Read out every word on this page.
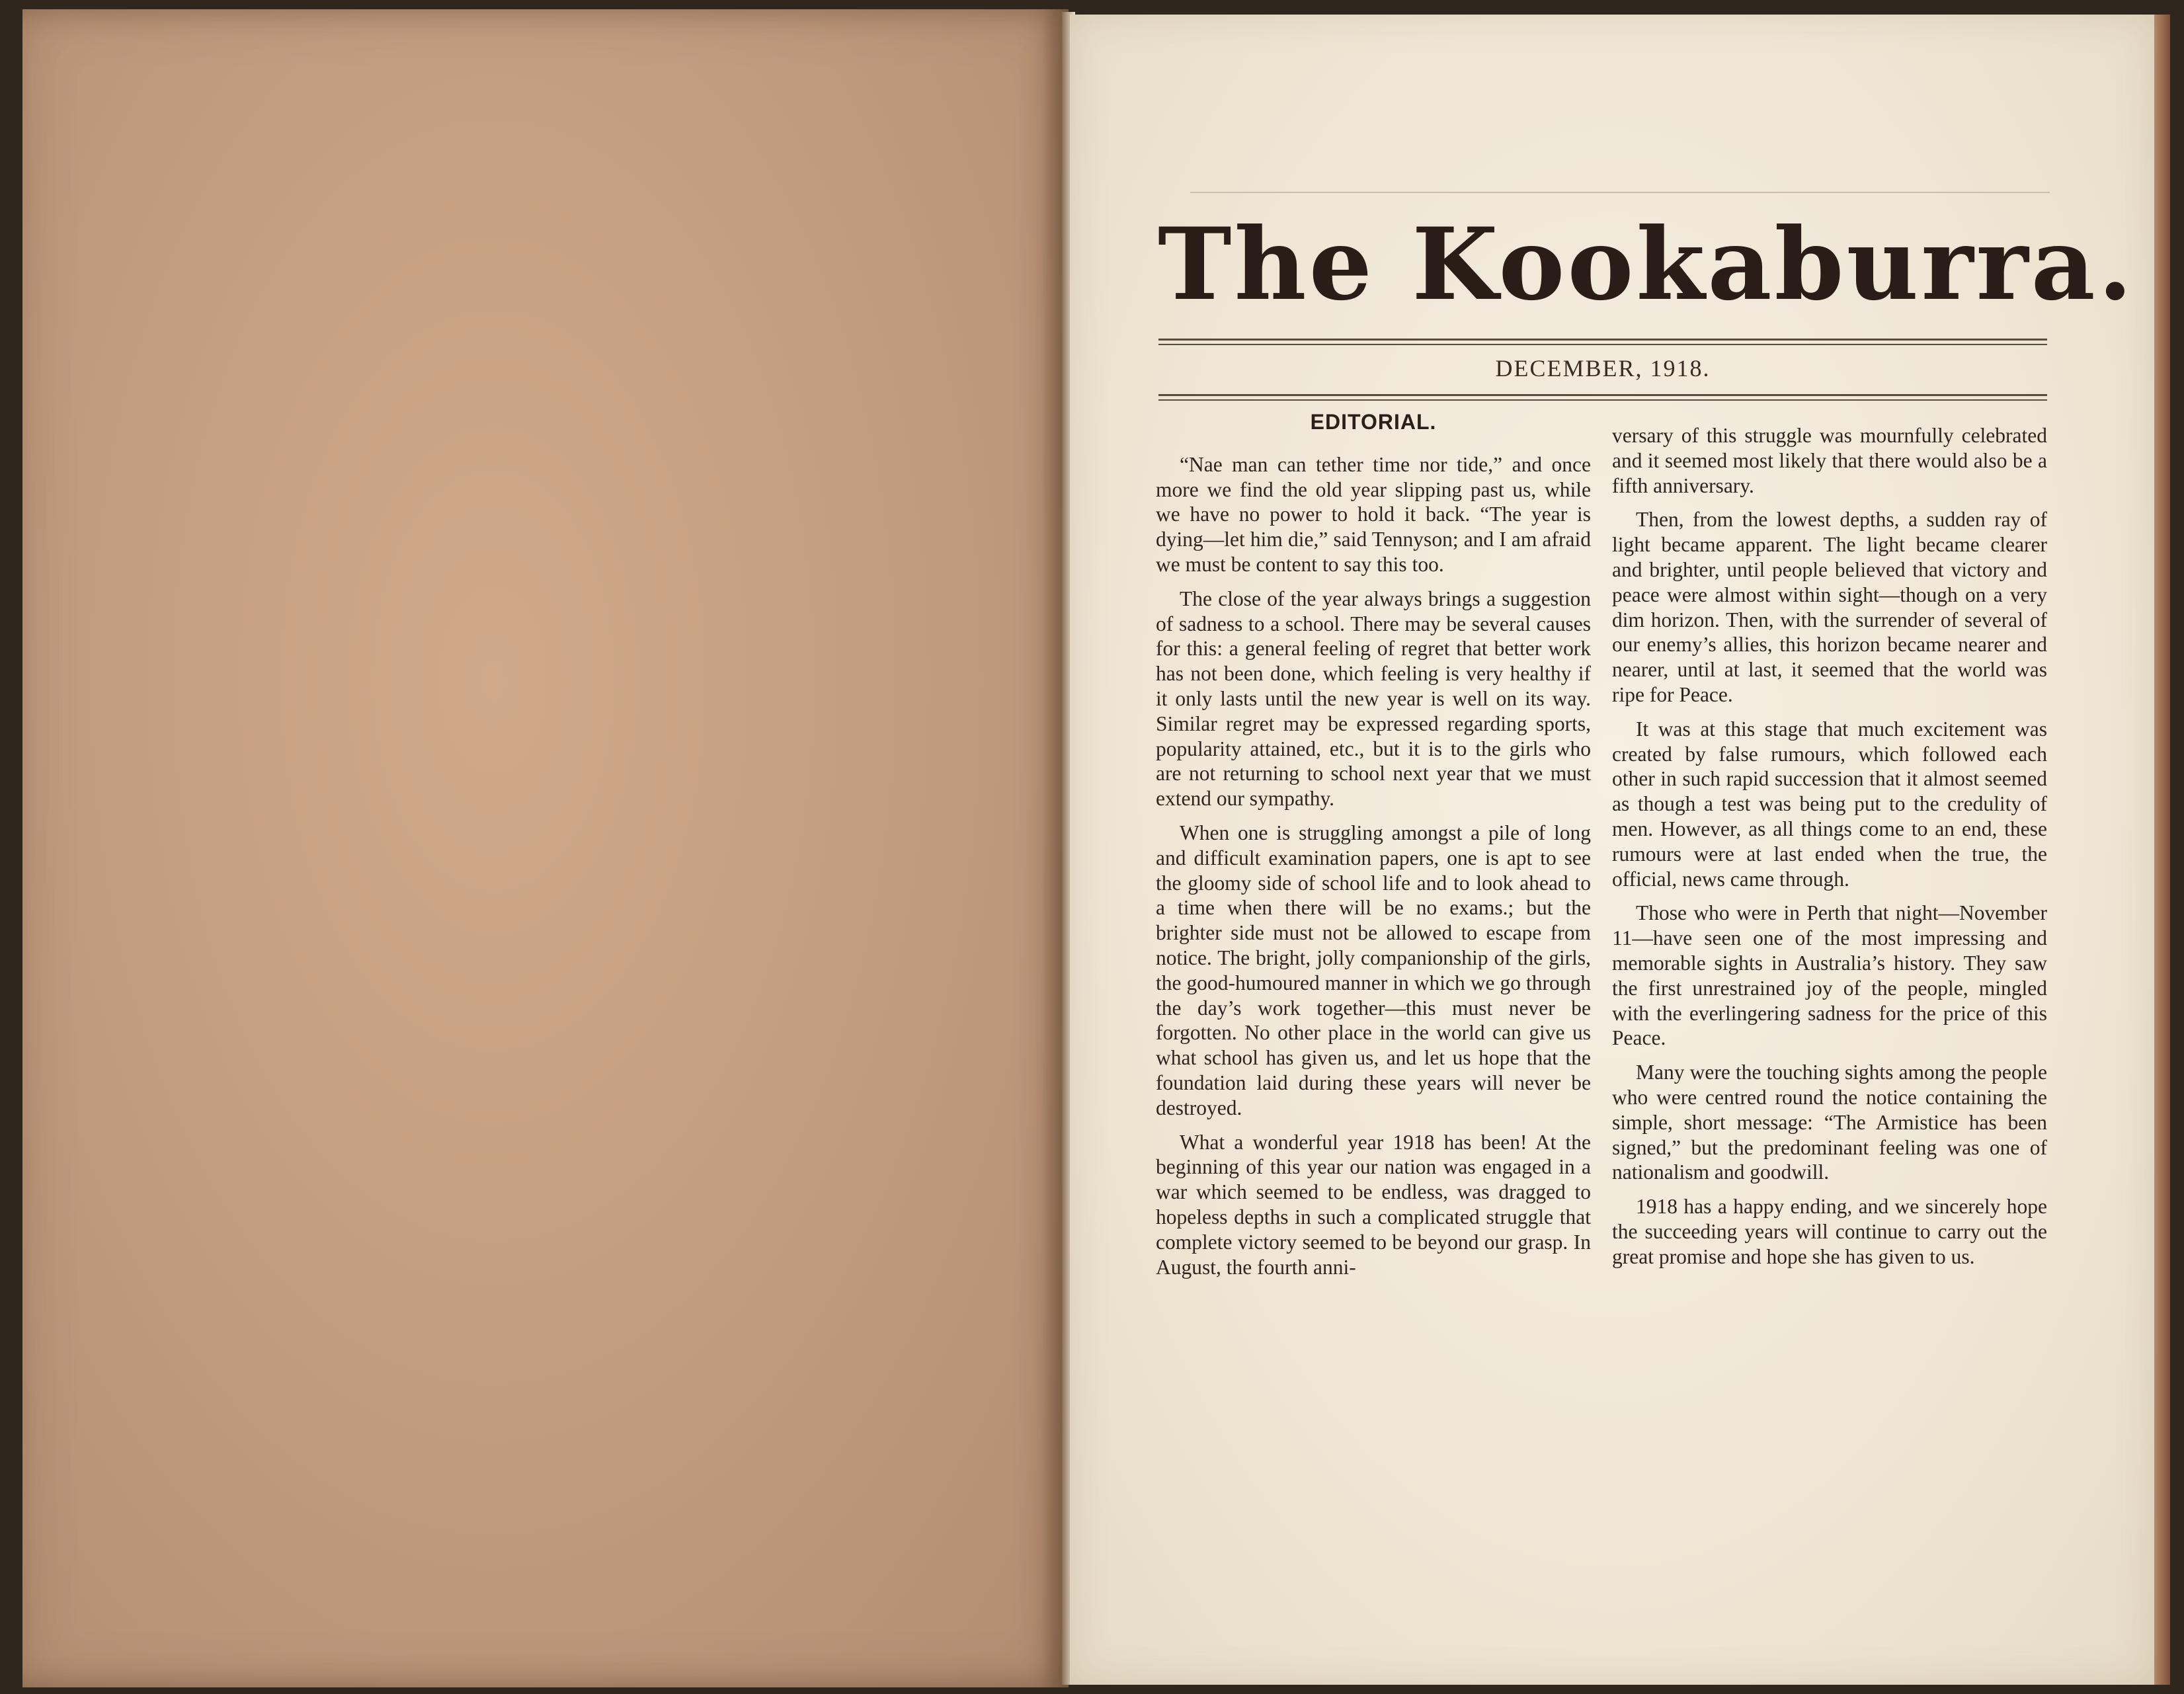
The Kookaburra.
DECEMBER, 1918.
EDITORIAL.

“Nae man can tether time nor tide,” and once more we find the old year slipping past us, while we have no power to hold it back. “The year is dying—let him die,” said Tennyson; and I am afraid we must be content to say this too.

The close of the year always brings a suggestion of sadness to a school. There may be several causes for this: a general feeling of regret that better work has not been done, which feeling is very healthy if it only lasts until the new year is well on its way. Similar regret may be expressed regarding sports, popularity attained, etc., but it is to the girls who are not returning to school next year that we must extend our sympathy.

When one is struggling amongst a pile of long and difficult examination papers, one is apt to see the gloomy side of school life and to look ahead to a time when there will be no exams.; but the brighter side must not be allowed to escape from notice. The bright, jolly companionship of the girls, the good-humoured manner in which we go through the day’s work together—this must never be forgotten. No other place in the world can give us what school has given us, and let us hope that the foundation laid during these years will never be destroyed.

What a wonderful year 1918 has been! At the beginning of this year our nation was engaged in a war which seemed to be endless, was dragged to hopeless depths in such a complicated struggle that complete victory seemed to be beyond our grasp. In August, the fourth anni-

versary of this struggle was mournfully celebrated and it seemed most likely that there would also be a fifth anniversary.

Then, from the lowest depths, a sudden ray of light became apparent. The light became clearer and brighter, until people believed that victory and peace were almost within sight—though on a very dim horizon. Then, with the surrender of several of our enemy’s allies, this horizon became nearer and nearer, until at last, it seemed that the world was ripe for Peace.

It was at this stage that much excitement was created by false rumours, which followed each other in such rapid succession that it almost seemed as though a test was being put to the credulity of men. However, as all things come to an end, these rumours were at last ended when the true, the official, news came through.

Those who were in Perth that night—November 11—have seen one of the most impressing and memorable sights in Australia’s history. They saw the first unrestrained joy of the people, mingled with the everlingering sadness for the price of this Peace.

Many were the touching sights among the people who were centred round the notice containing the simple, short message: “The Armistice has been signed,” but the predominant feeling was one of nationalism and goodwill.

1918 has a happy ending, and we sincerely hope the succeeding years will continue to carry out the great promise and hope she has given to us.
